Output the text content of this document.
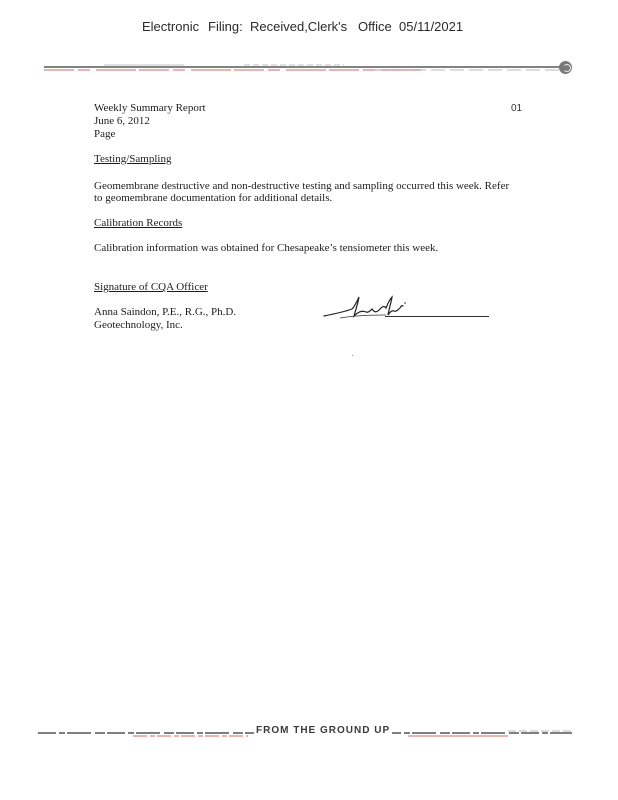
Electronic Filing: Received,Clerk's Office 05/11/2021
Weekly Summary Report	01
June 6, 2012
Page
Testing/Sampling
Geomembrane destructive and non-destructive testing and sampling occurred this week. Refer
to geomembrane documentation for additional details.
Calibration Records
Calibration information was obtained for Chesapeake’s tensiometer this week.
Signature of CQA Officer
Anna Saindon, P.E., R.G., Ph.D.
Geotechnology, Inc.
FROM THE GROUND UP
